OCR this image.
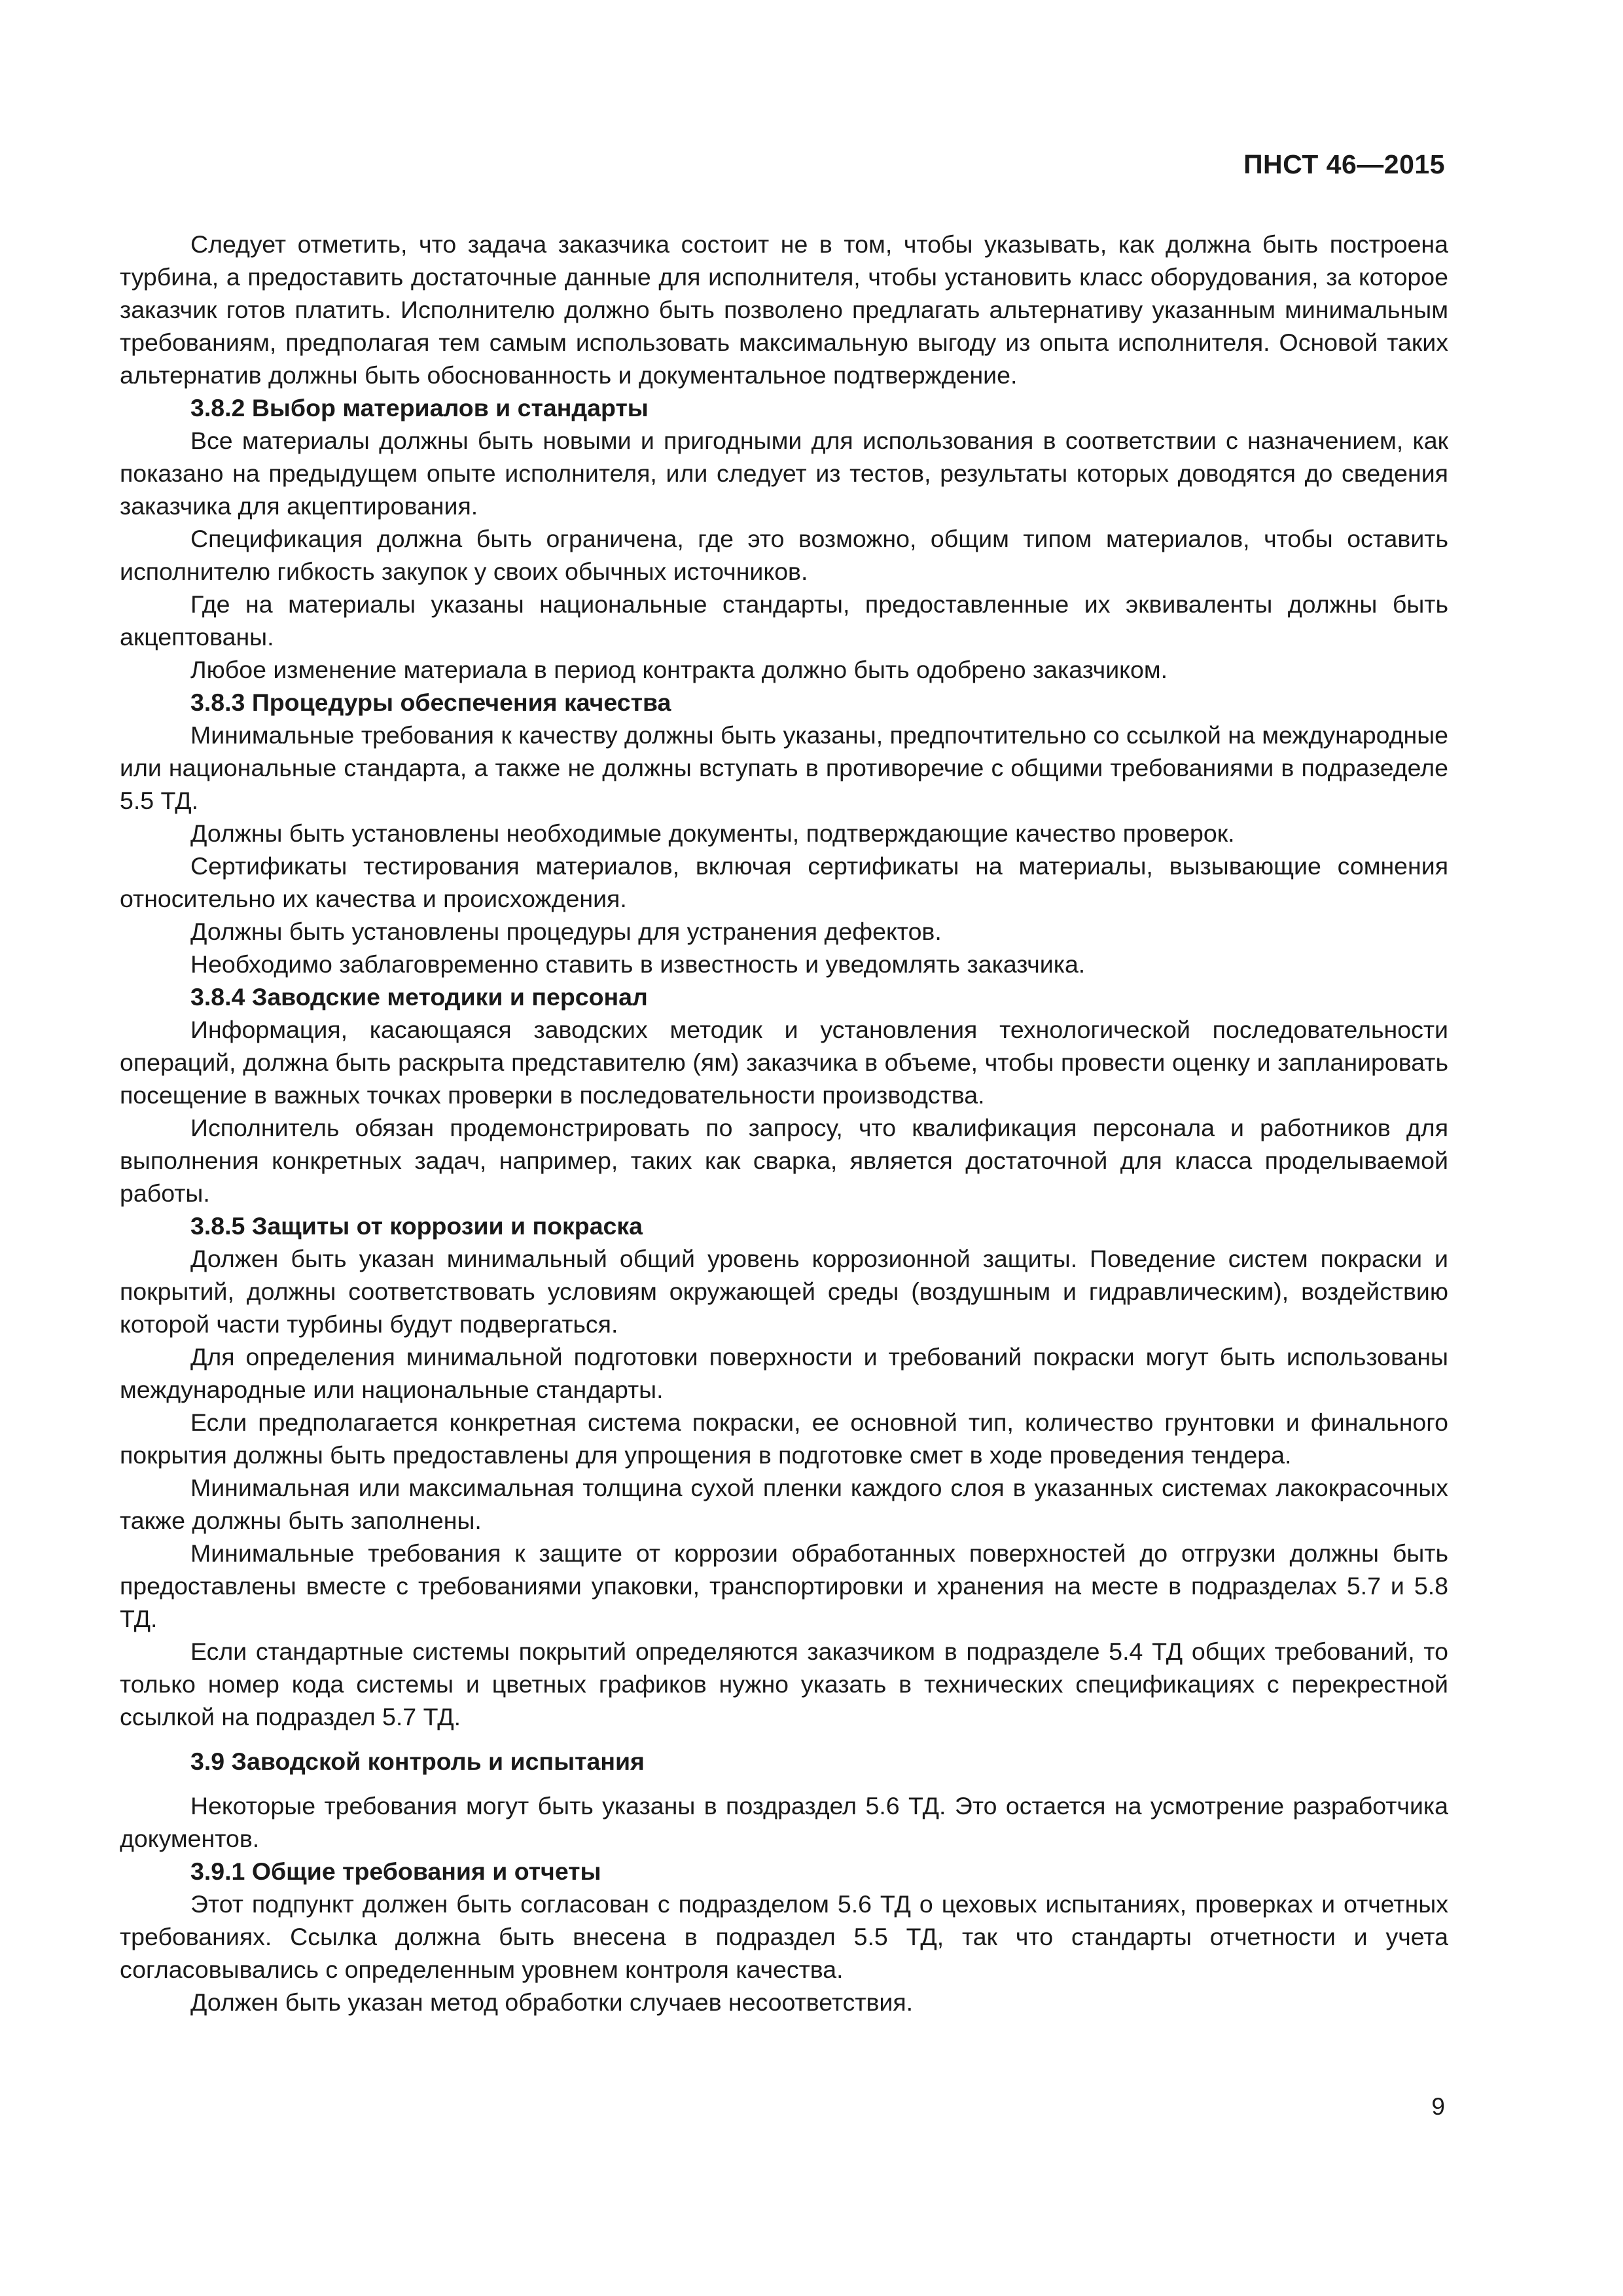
ПНСТ 46—2015

Следует отметить, что задача заказчика состоит не в том, чтобы указывать, как должна быть построена турбина, а предоставить достаточные данные для исполнителя, чтобы установить класс оборудования, за которое заказчик готов платить. Исполнителю должно быть позволено предлагать альтернативу указанным минимальным требованиям, предполагая тем самым использовать максимальную выгоду из опыта исполнителя. Основой таких альтернатив должны быть обоснованность и документальное подтверждение.

3.8.2 Выбор материалов и стандарты

Все материалы должны быть новыми и пригодными для использования в соответствии с назначением, как показано на предыдущем опыте исполнителя, или следует из тестов, результаты которых доводятся до сведения заказчика для акцептирования.

Спецификация должна быть ограничена, где это возможно, общим типом материалов, чтобы оставить исполнителю гибкость закупок у своих обычных источников.

Где на материалы указаны национальные стандарты, предоставленные их эквиваленты должны быть акцептованы.

Любое изменение материала в период контракта должно быть одобрено заказчиком.

3.8.3 Процедуры обеспечения качества

Минимальные требования к качеству должны быть указаны, предпочтительно со ссылкой на международные или национальные стандарта, а также не должны вступать в противоречие с общими требованиями в подразеделе 5.5 ТД.

Должны быть установлены необходимые документы, подтверждающие качество проверок.

Сертификаты тестирования материалов, включая сертификаты на материалы, вызывающие сомнения относительно их качества и происхождения.

Должны быть установлены процедуры для устранения дефектов.

Необходимо заблаговременно ставить в известность и уведомлять заказчика.

3.8.4 Заводские методики и персонал

Информация, касающаяся заводских методик и установления технологической последовательности операций, должна быть раскрыта представителю (ям) заказчика в объеме, чтобы провести оценку и запланировать посещение в важных точках проверки в последовательности производства.

Исполнитель обязан продемонстрировать по запросу, что квалификация персонала и работников для выполнения конкретных задач, например, таких как сварка, является достаточной для класса проделываемой работы.

3.8.5 Защиты от коррозии и покраска

Должен быть указан минимальный общий уровень коррозионной защиты. Поведение систем покраски и покрытий, должны соответствовать условиям окружающей среды (воздушным и гидравлическим), воздействию которой части турбины будут подвергаться.

Для определения минимальной подготовки поверхности и требований покраски могут быть использованы международные или национальные стандарты.

Если предполагается конкретная система покраски, ее основной тип, количество грунтовки и финального покрытия должны быть предоставлены для упрощения в подготовке смет в ходе проведения тендера.

Минимальная или максимальная толщина сухой пленки каждого слоя в указанных системах лакокрасочных также должны быть заполнены.

Минимальные требования к защите от коррозии обработанных поверхностей до отгрузки должны быть предоставлены вместе с требованиями упаковки, транспортировки и хранения на месте в подразделах 5.7 и 5.8 ТД.

Если стандартные системы покрытий определяются заказчиком в подразделе 5.4 ТД общих требований, то только номер кода системы и цветных графиков нужно указать в технических спецификациях с перекрестной ссылкой на подраздел 5.7 ТД.

3.9 Заводской контроль и испытания

Некоторые требования могут быть указаны в поздраздел 5.6 ТД. Это остается на усмотрение разработчика документов.

3.9.1 Общие требования и отчеты

Этот подпункт должен быть согласован с подразделом 5.6 ТД о цеховых испытаниях, проверках и отчетных требованиях. Ссылка должна быть внесена в подраздел 5.5 ТД, так что стандарты отчетности и учета согласовывались с определенным уровнем контроля качества.

Должен быть указан метод обработки случаев несоответствия.

9
